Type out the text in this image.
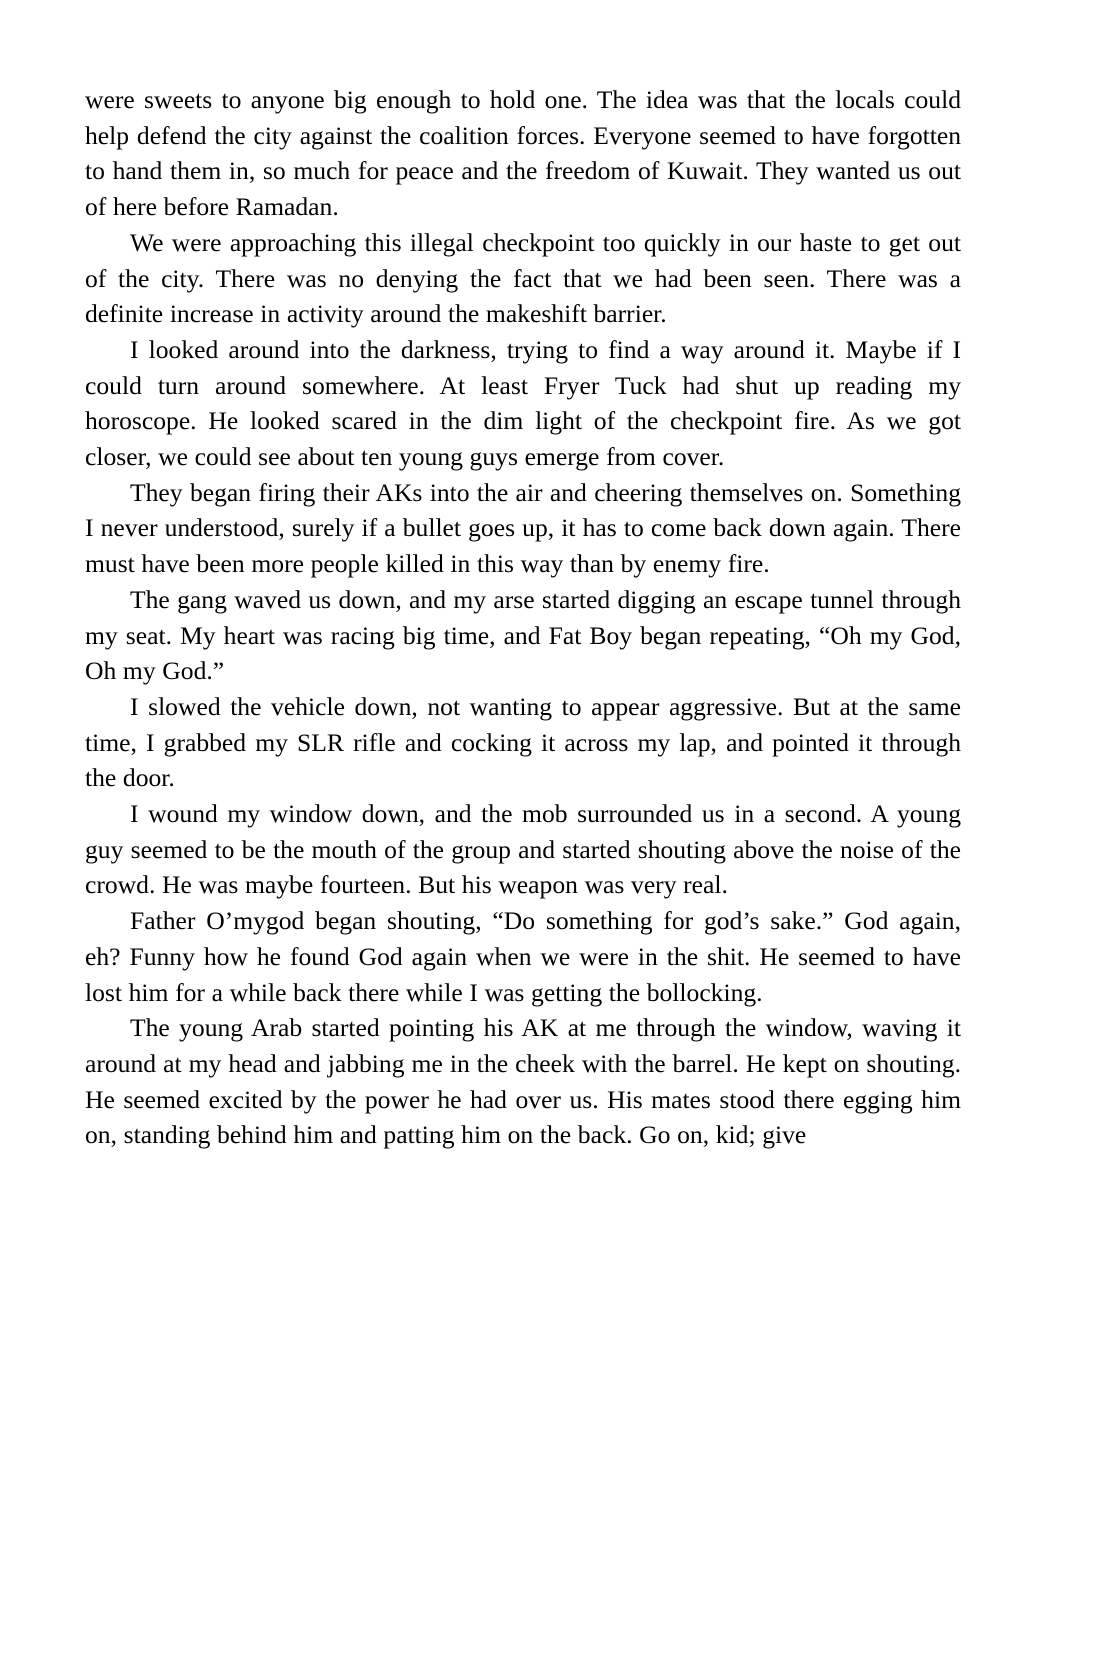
were sweets to anyone big enough to hold one. The idea was that the locals could help defend the city against the coalition forces. Everyone seemed to have forgotten to hand them in, so much for peace and the freedom of Kuwait. They wanted us out of here before Ramadan.

We were approaching this illegal checkpoint too quickly in our haste to get out of the city. There was no denying the fact that we had been seen. There was a definite increase in activity around the makeshift barrier.

I looked around into the darkness, trying to find a way around it. Maybe if I could turn around somewhere. At least Fryer Tuck had shut up reading my horoscope. He looked scared in the dim light of the checkpoint fire. As we got closer, we could see about ten young guys emerge from cover.

They began firing their AKs into the air and cheering themselves on. Something I never understood, surely if a bullet goes up, it has to come back down again. There must have been more people killed in this way than by enemy fire.

The gang waved us down, and my arse started digging an escape tunnel through my seat. My heart was racing big time, and Fat Boy began repeating, “Oh my God, Oh my God.”

I slowed the vehicle down, not wanting to appear aggressive. But at the same time, I grabbed my SLR rifle and cocking it across my lap, and pointed it through the door.

I wound my window down, and the mob surrounded us in a second. A young guy seemed to be the mouth of the group and started shouting above the noise of the crowd. He was maybe fourteen. But his weapon was very real.

Father O’mygod began shouting, “Do something for god’s sake.” God again, eh? Funny how he found God again when we were in the shit. He seemed to have lost him for a while back there while I was getting the bollocking.

The young Arab started pointing his AK at me through the window, waving it around at my head and jabbing me in the cheek with the barrel. He kept on shouting. He seemed excited by the power he had over us. His mates stood there egging him on, standing behind him and patting him on the back. Go on, kid; give
